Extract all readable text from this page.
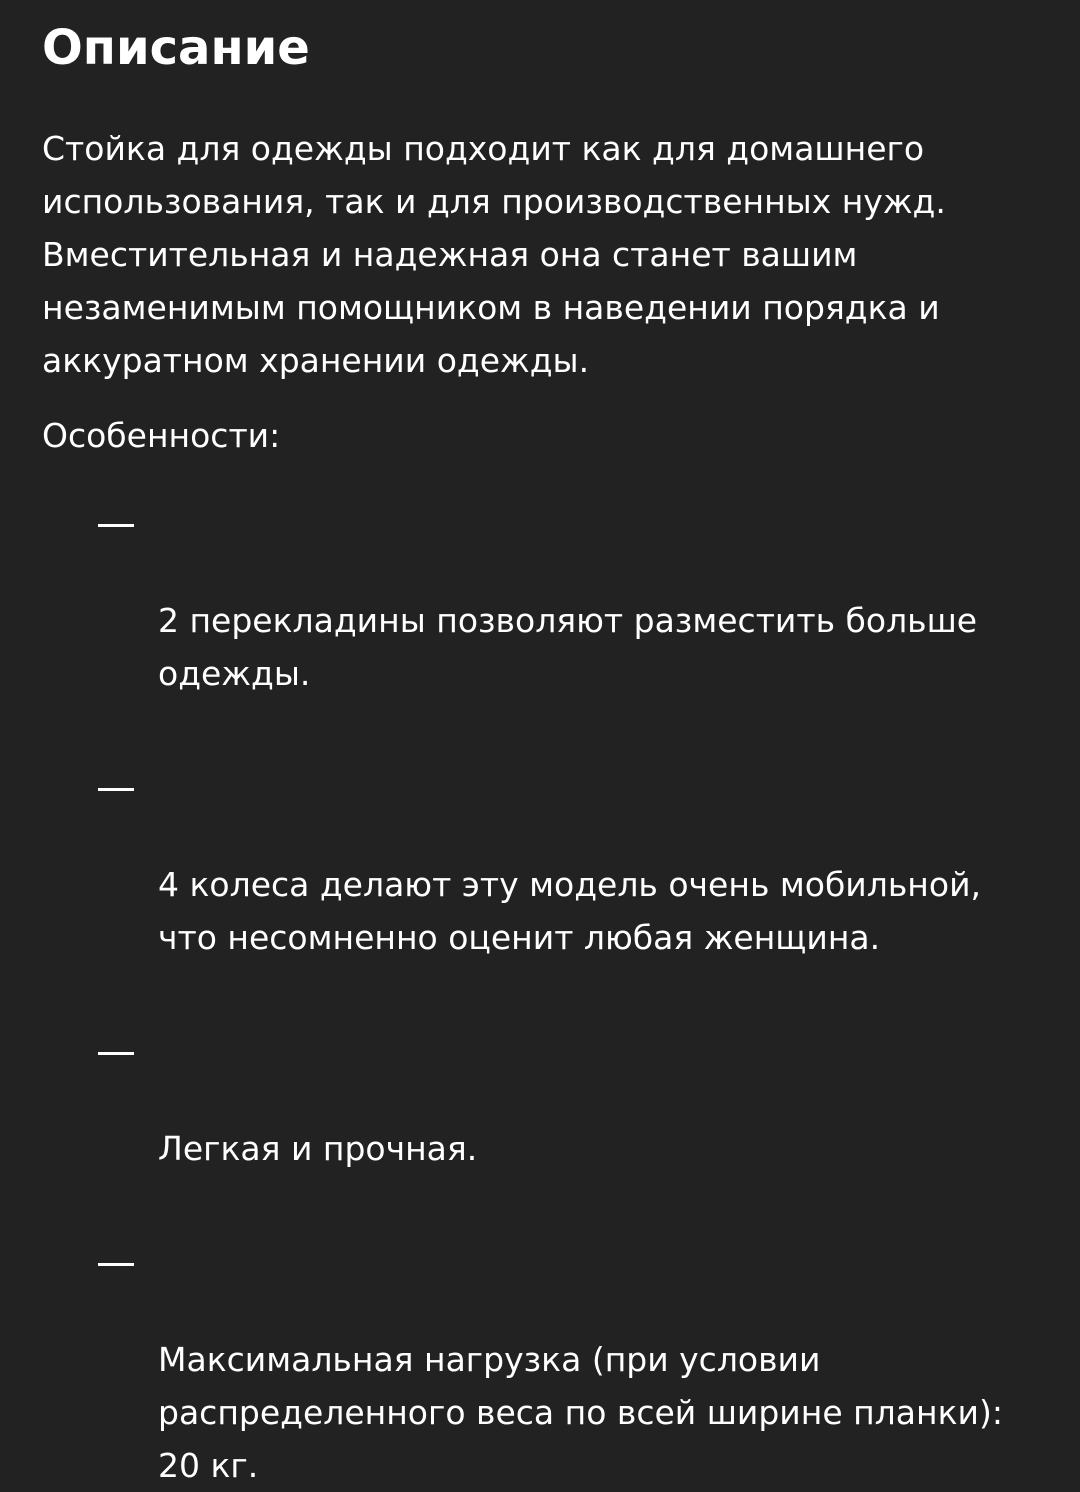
Описание

Стойка для одежды подходит как для домашнего
использования, так и для производственных нужд.
Вместительная и надежная она станет вашим
незаменимым помощником в наведении порядка и
аккуратном хранении одежды.

Особенности:

2 перекладины позволяют разместить больше
одежды.

4 колеса делают эту модель очень мобильной,
что несомненно оценит любая женщина.

Легкая и прочная.

Максимальная нагрузка (при условии
распределенного веса по всей ширине планки):
20 кг.
